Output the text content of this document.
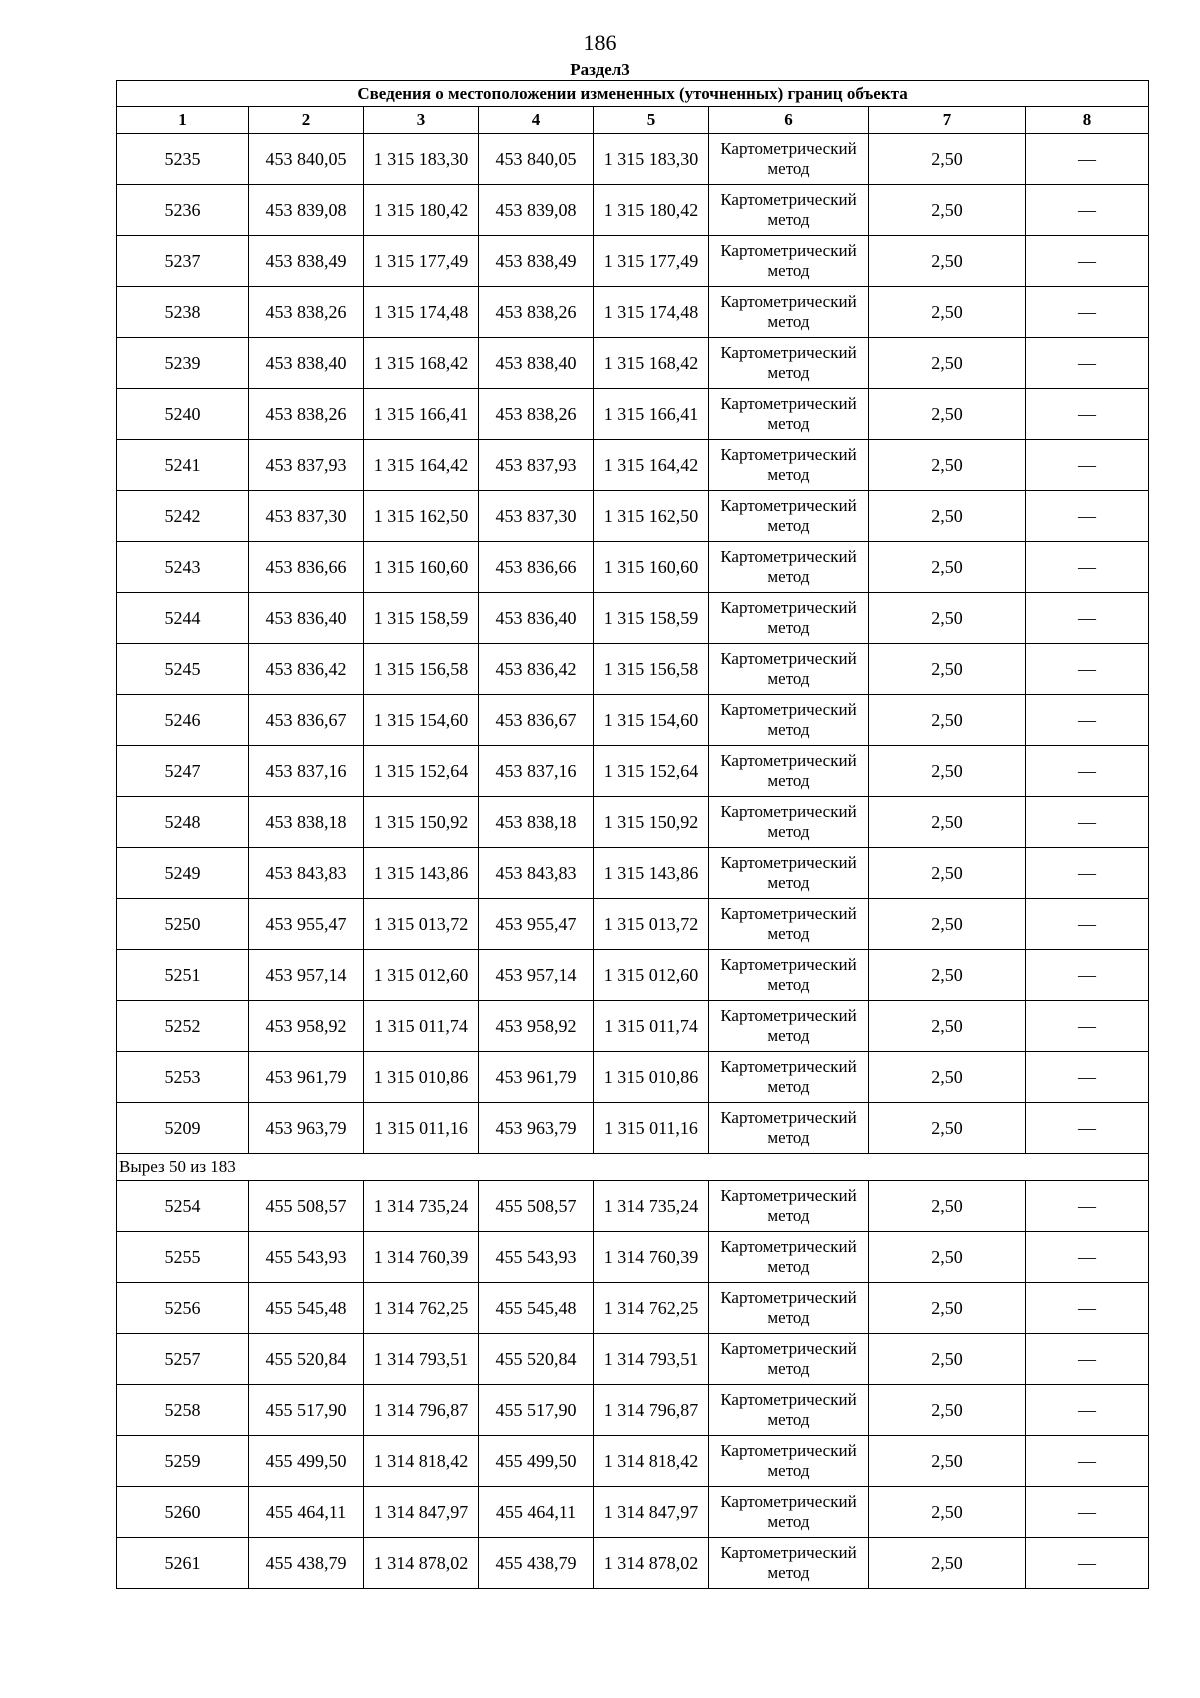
186
Раздел3
Сведения о местоположении измененных (уточненных) границ объекта							
1	2	3	4	5	6	7	8
5235	453 840,05	1 315 183,30	453 840,05	1 315 183,30	Картометрический метод	2,50	—
5236	453 839,08	1 315 180,42	453 839,08	1 315 180,42	Картометрический метод	2,50	—
5237	453 838,49	1 315 177,49	453 838,49	1 315 177,49	Картометрический метод	2,50	—
5238	453 838,26	1 315 174,48	453 838,26	1 315 174,48	Картометрический метод	2,50	—
5239	453 838,40	1 315 168,42	453 838,40	1 315 168,42	Картометрический метод	2,50	—
5240	453 838,26	1 315 166,41	453 838,26	1 315 166,41	Картометрический метод	2,50	—
5241	453 837,93	1 315 164,42	453 837,93	1 315 164,42	Картометрический метод	2,50	—
5242	453 837,30	1 315 162,50	453 837,30	1 315 162,50	Картометрический метод	2,50	—
5243	453 836,66	1 315 160,60	453 836,66	1 315 160,60	Картометрический метод	2,50	—
5244	453 836,40	1 315 158,59	453 836,40	1 315 158,59	Картометрический метод	2,50	—
5245	453 836,42	1 315 156,58	453 836,42	1 315 156,58	Картометрический метод	2,50	—
5246	453 836,67	1 315 154,60	453 836,67	1 315 154,60	Картометрический метод	2,50	—
5247	453 837,16	1 315 152,64	453 837,16	1 315 152,64	Картометрический метод	2,50	—
5248	453 838,18	1 315 150,92	453 838,18	1 315 150,92	Картометрический метод	2,50	—
5249	453 843,83	1 315 143,86	453 843,83	1 315 143,86	Картометрический метод	2,50	—
5250	453 955,47	1 315 013,72	453 955,47	1 315 013,72	Картометрический метод	2,50	—
5251	453 957,14	1 315 012,60	453 957,14	1 315 012,60	Картометрический метод	2,50	—
5252	453 958,92	1 315 011,74	453 958,92	1 315 011,74	Картометрический метод	2,50	—
5253	453 961,79	1 315 010,86	453 961,79	1 315 010,86	Картометрический метод	2,50	—
5209	453 963,79	1 315 011,16	453 963,79	1 315 011,16	Картометрический метод	2,50	—
Вырез 50 из 183							
5254	455 508,57	1 314 735,24	455 508,57	1 314 735,24	Картометрический метод	2,50	—
5255	455 543,93	1 314 760,39	455 543,93	1 314 760,39	Картометрический метод	2,50	—
5256	455 545,48	1 314 762,25	455 545,48	1 314 762,25	Картометрический метод	2,50	—
5257	455 520,84	1 314 793,51	455 520,84	1 314 793,51	Картометрический метод	2,50	—
5258	455 517,90	1 314 796,87	455 517,90	1 314 796,87	Картометрический метод	2,50	—
5259	455 499,50	1 314 818,42	455 499,50	1 314 818,42	Картометрический метод	2,50	—
5260	455 464,11	1 314 847,97	455 464,11	1 314 847,97	Картометрический метод	2,50	—
5261	455 438,79	1 314 878,02	455 438,79	1 314 878,02	Картометрический метод	2,50	—
